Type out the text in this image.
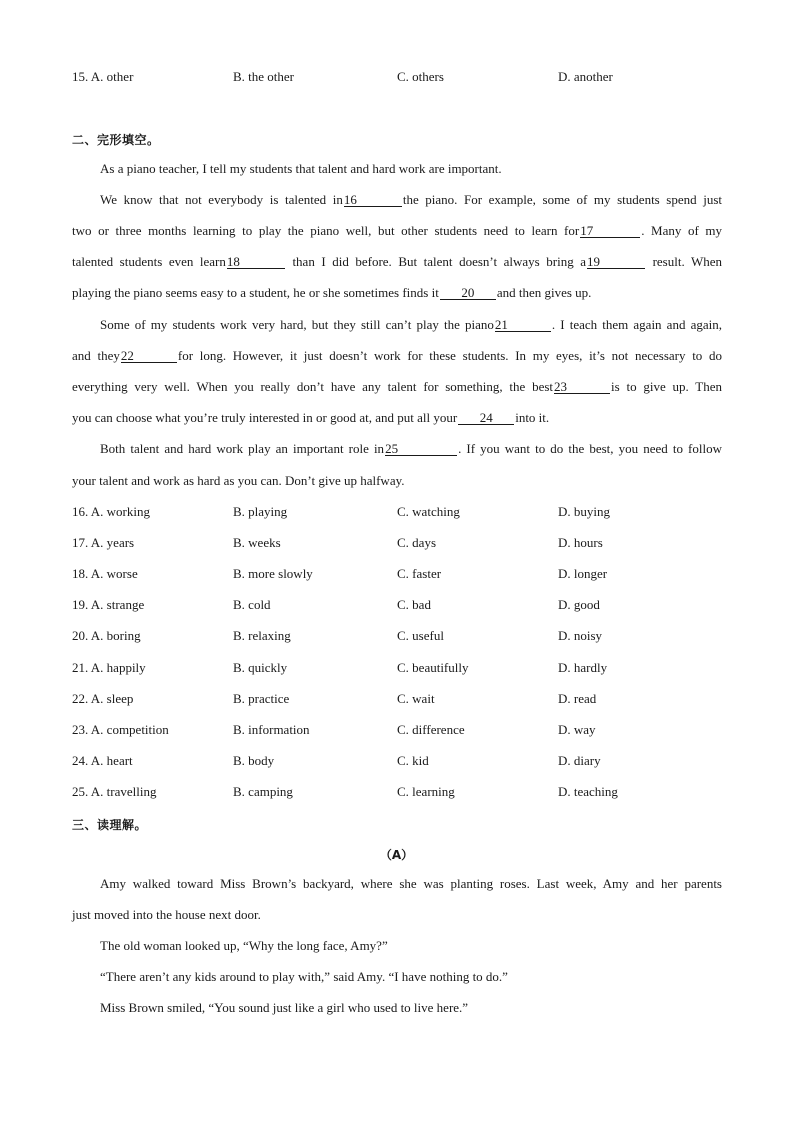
15. A. other	B. the other	C. others	D. another
二、完形填空。
As a piano teacher, I tell my students that talent and hard work are important.
We know that not everybody is talented in16	the piano. For example, some of my students spend just
two or three months learning to play the piano well, but other students need to learn for17	. Many of my
talented students even learn18	than I did before. But talent doesn’t always bring a19	result. When
playing the piano seems easy to a student, he or she sometimes finds it 20 and then gives up.
Some of my students work very hard, but they still can’t play the piano21	. I teach them again and again,
and they22	for long. However, it just doesn’t work for these students. In my eyes, it’s not necessary to do
everything very well. When you really don’t have any talent for something, the best23	is to give up. Then
you can choose what you’re truly interested in or good at, and put all your 24 into it.
Both talent and hard work play an important role in25	. If you want to do the best, you need to follow
your talent and work as hard as you can. Don’t give up halfway.
16. A. working	B. playing	C. watching	D. buying
17. A. years	B. weeks	C. days	D. hours
18. A. worse	B. more slowly	C. faster	D. longer
19. A. strange	B. cold	C. bad	D. good
20. A. boring	B. relaxing	C. useful	D. noisy
21. A. happily	B. quickly	C. beautifully	D. hardly
22. A. sleep	B. practice	C. wait	D. read
23. A. competition	B. information	C. difference	D. way
24. A. heart	B. body	C. kid	D. diary
25. A. travelling	B. camping	C. learning	D. teaching
三、读理解。
（A）
Amy walked toward Miss Brown’s backyard, where she was planting roses. Last week, Amy and her parents
just moved into the house next door.
The old woman looked up, “Why the long face, Amy?”
“There aren’t any kids around to play with,” said Amy. “I have nothing to do.”
Miss Brown smiled, “You sound just like a girl who used to live here.”
